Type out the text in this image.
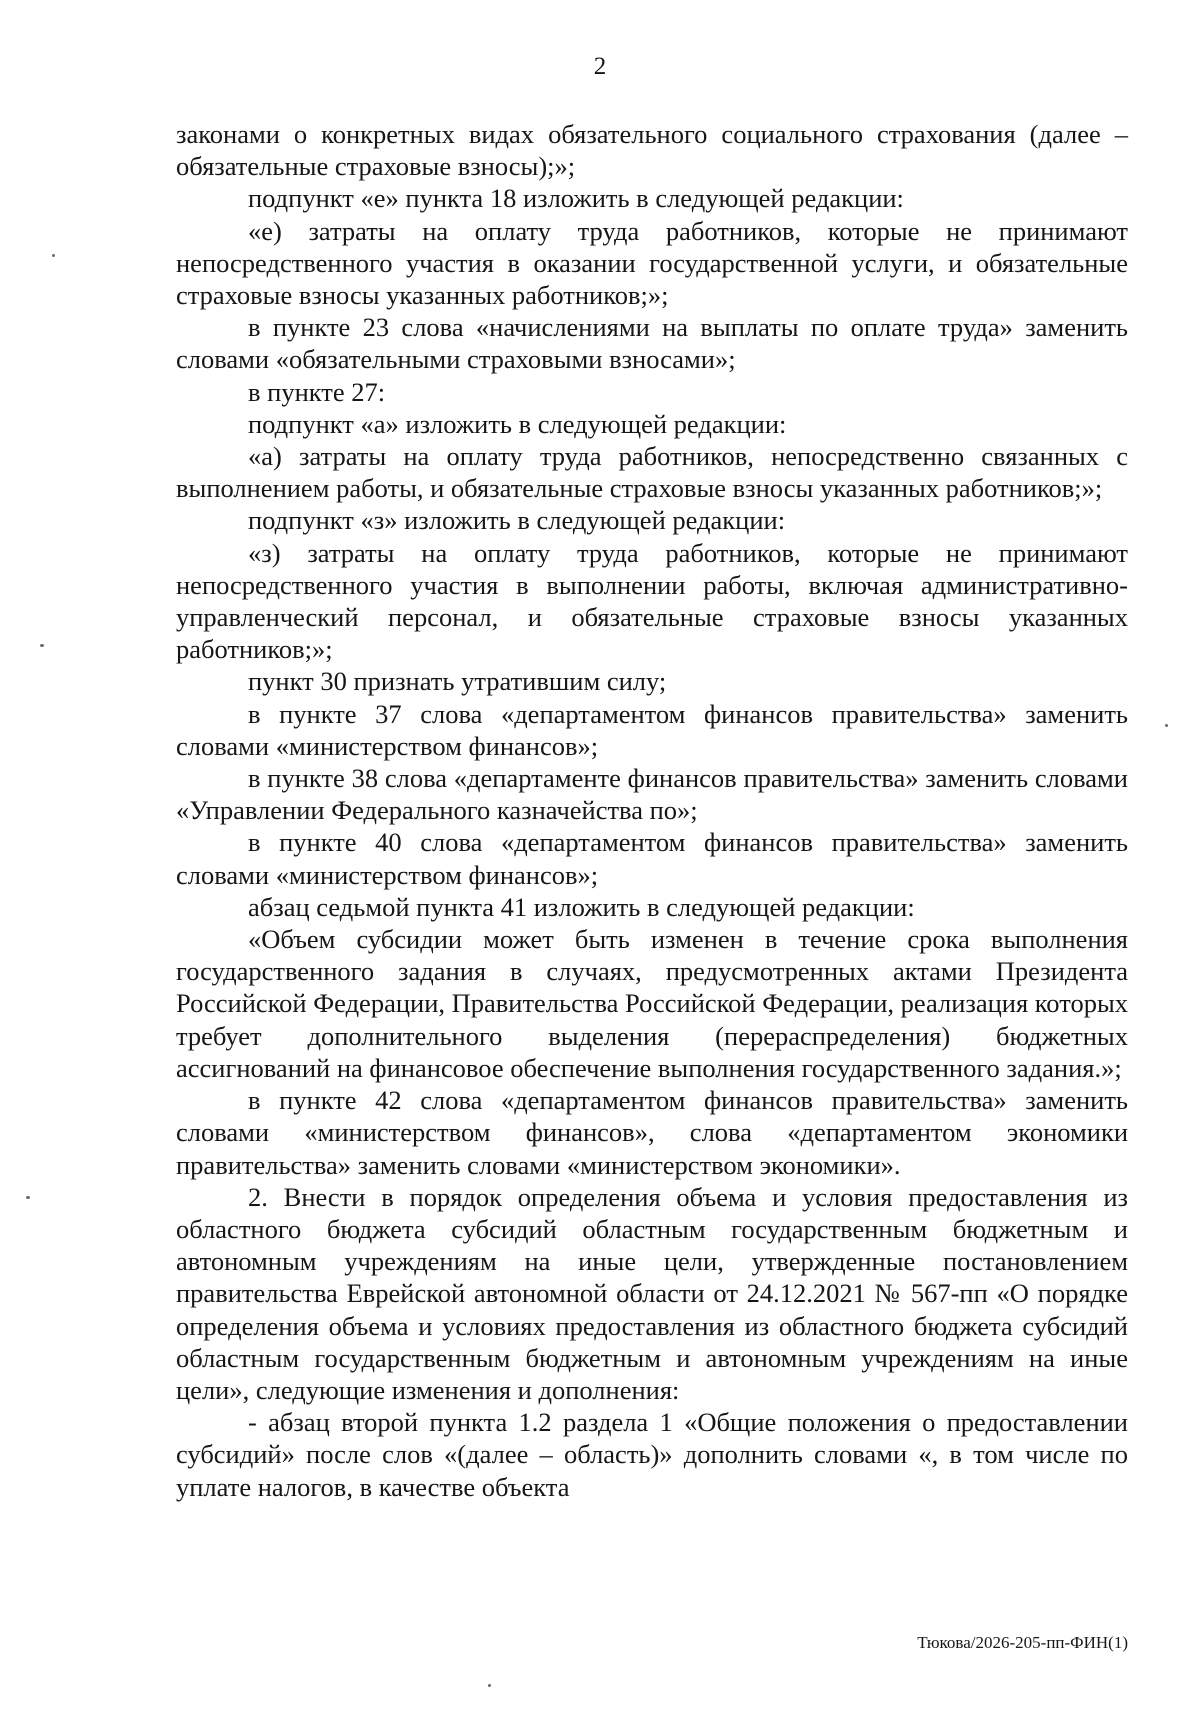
2

законами о конкретных видах обязательного социального страхования (далее – обязательные страховые взносы);»;

подпункт «е» пункта 18 изложить в следующей редакции:

«е) затраты на оплату труда работников, которые не принимают непосредственного участия в оказании государственной услуги, и обязательные страховые взносы указанных работников;»;

в пункте 23 слова «начислениями на выплаты по оплате труда» заменить словами «обязательными страховыми взносами»;

в пункте 27:

подпункт «а» изложить в следующей редакции:

«а) затраты на оплату труда работников, непосредственно связанных с выполнением работы, и обязательные страховые взносы указанных работников;»;

подпункт «з» изложить в следующей редакции:

«з) затраты на оплату труда работников, которые не принимают непосредственного участия в выполнении работы, включая административно-управленческий персонал, и обязательные страховые взносы указанных работников;»;

пункт 30 признать утратившим силу;

в пункте 37 слова «департаментом финансов правительства» заменить словами «министерством финансов»;

в пункте 38 слова «департаменте финансов правительства» заменить словами «Управлении Федерального казначейства по»;

в пункте 40 слова «департаментом финансов правительства» заменить словами «министерством финансов»;

абзац седьмой пункта 41 изложить в следующей редакции:

«Объем субсидии может быть изменен в течение срока выполнения государственного задания в случаях, предусмотренных актами Президента Российской Федерации, Правительства Российской Федерации, реализация которых требует дополнительного выделения (перераспределения) бюджетных ассигнований на финансовое обеспечение выполнения государственного задания.»;

в пункте 42 слова «департаментом финансов правительства» заменить словами «министерством финансов», слова «департаментом экономики правительства» заменить словами «министерством экономики».

2. Внести в порядок определения объема и условия предоставления из областного бюджета субсидий областным государственным бюджетным и автономным учреждениям на иные цели, утвержденные постановлением правительства Еврейской автономной области от 24.12.2021 № 567-пп «О порядке определения объема и условиях предоставления из областного бюджета субсидий областным государственным бюджетным и автономным учреждениям на иные цели», следующие изменения и дополнения:

- абзац второй пункта 1.2 раздела 1 «Общие положения о предоставлении субсидий» после слов «(далее – область)» дополнить словами «, в том числе по уплате налогов, в качестве объекта

Тюкова/2026-205-пп-ФИН(1)
